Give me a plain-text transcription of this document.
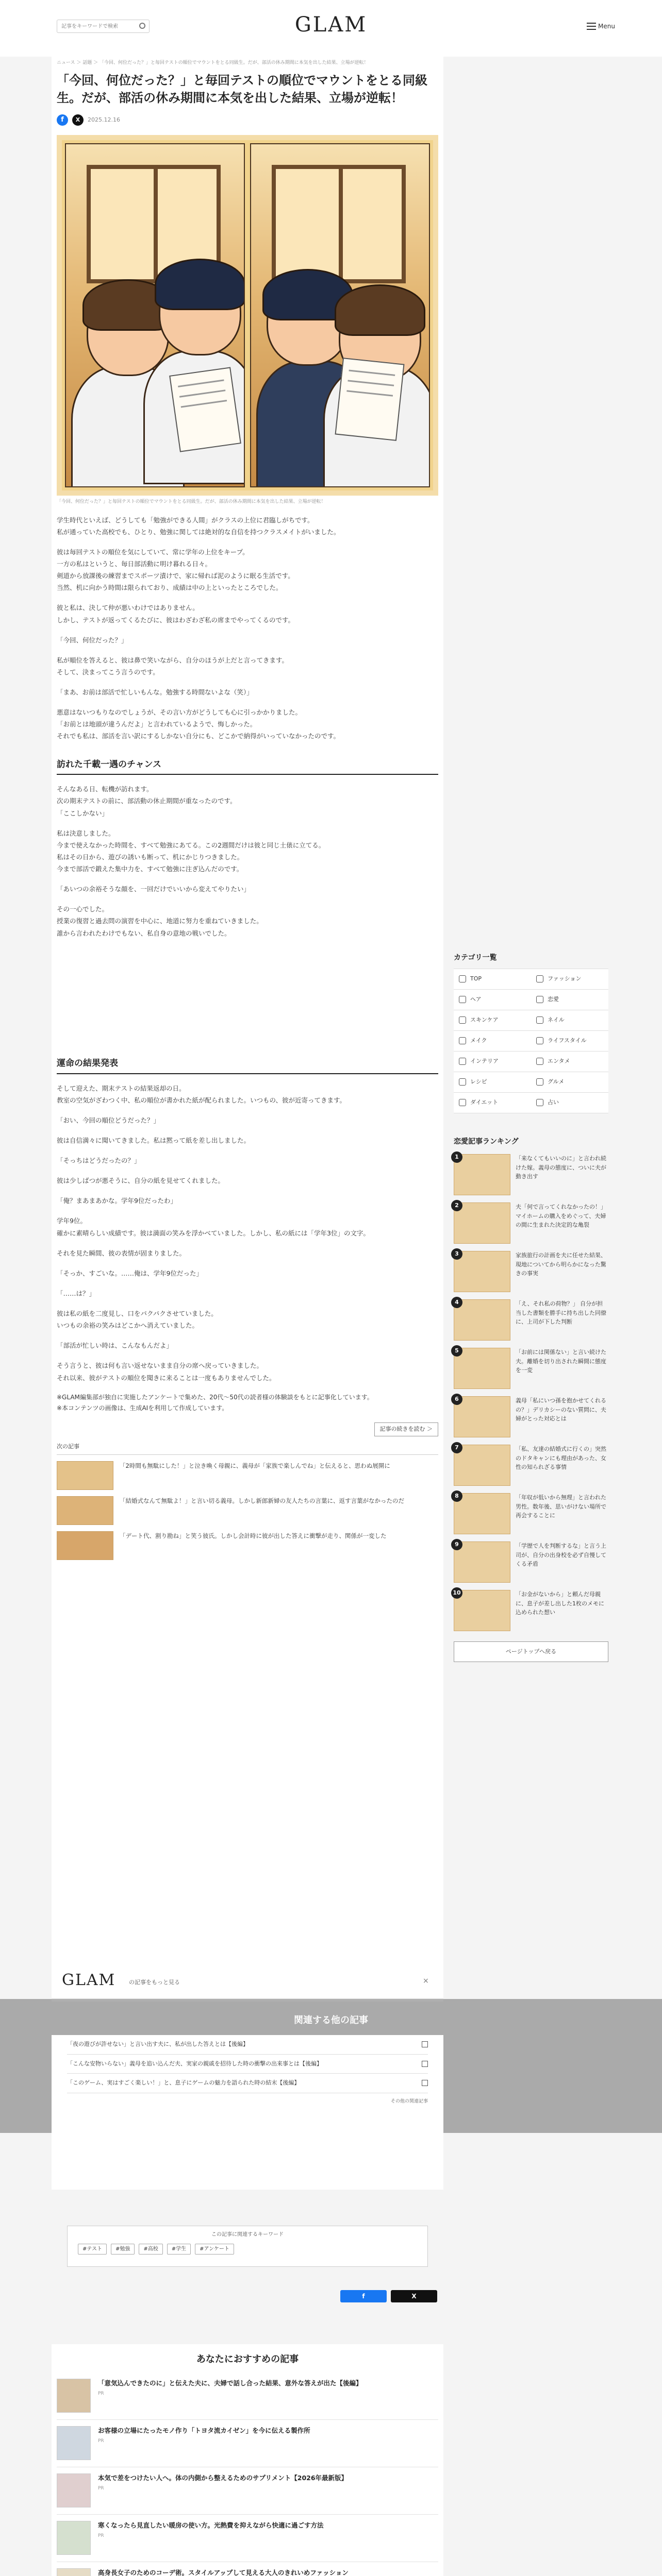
記事をキーワードで検索
GLAM	Menu
ニュース ＞ 話題 ＞ 「今回、何位だった？」と毎回テストの順位でマウントをとる同級生。だが、部活の休み期間に本気を出した結果、立場が逆転！
「今回、何位だった？」と毎回テストの順位でマウントをとる同級生。だが、部活の休み期間に本気を出した結果、立場が逆転！
f	X	2025.12.16
「今回、何位だった？」と毎回テストの順位でマウントをとる同級生。だが、部活の休み期間に本気を出した結果、立場が逆転！

学生時代といえば、どうしても「勉強ができる人間」がクラスの上位に君臨しがちです。
私が通っていた高校でも、ひとり、勉強に関しては絶対的な自信を持つクラスメイトがいました。

彼は毎回テストの順位を気にしていて、常に学年の上位をキープ。
一方の私はというと、毎日部活動に明け暮れる日々。
剣道から放課後の練習までスポーツ漬けで、家に帰れば泥のように眠る生活です。
当然、机に向かう時間は限られており、成績は中の上といったところでした。

彼と私は、決して仲が悪いわけではありません。
しかし、テストが返ってくるたびに、彼はわざわざ私の席までやってくるのです。

「今回、何位だった？」

私が順位を答えると、彼は鼻で笑いながら、自分のほうが上だと言ってきます。
そして、決まってこう言うのです。

「まあ、お前は部活で忙しいもんな。勉強する時間ないよな（笑）」

悪意はないつもりなのでしょうが、その言い方がどうしても心に引っかかりました。
「お前とは地頭が違うんだよ」と言われているようで、悔しかった。
それでも私は、部活を言い訳にするしかない自分にも、どこかで納得がいっていなかったのです。

訪れた千載一遇のチャンス

そんなある日、転機が訪れます。
次の期末テストの前に、部活動の休止期間が重なったのです。
「ここしかない」

私は決意しました。
今まで使えなかった時間を、すべて勉強にあてる。この2週間だけは彼と同じ土俵に立てる。
私はその日から、遊びの誘いも断って、机にかじりつきました。
今まで部活で鍛えた集中力を、すべて勉強に注ぎ込んだのです。

「あいつの余裕そうな顔を、一回だけでいいから変えてやりたい」

その一心でした。
授業の復習と過去問の演習を中心に、地道に努力を重ねていきました。
誰から言われたわけでもない、私自身の意地の戦いでした。

運命の結果発表

そして迎えた、期末テストの結果返却の日。
教室の空気がざわつく中、私の順位が書かれた紙が配られました。いつもの、彼が近寄ってきます。

「おい、今回の順位どうだった？」

彼は自信満々に聞いてきました。私は黙って紙を差し出しました。

「そっちはどうだったの？」

彼は少しばつが悪そうに、自分の紙を見せてくれました。

「俺？まあまあかな。学年9位だったわ」

学年9位。
確かに素晴らしい成績です。彼は満面の笑みを浮かべていました。しかし、私の紙には「学年3位」の文字。

それを見た瞬間、彼の表情が固まりました。

「そっか、すごいな。……俺は、学年9位だった」

「……は？」

彼は私の紙を二度見し、口をパクパクさせていました。
いつもの余裕の笑みはどこかへ消えていました。

「部活が忙しい時は、こんなもんだよ」

そう言うと、彼は何も言い返せないまま自分の席へ戻っていきました。
それ以来、彼がテストの順位を聞きに来ることは一度もありませんでした。

※GLAM編集部が独自に実施したアンケートで集めた、20代〜50代の読者様の体験談をもとに記事化しています。
※本コンテンツの画像は、生成AIを利用して作成しています。

記事の続きを読む ＞
次の記事
「2時間も無駄にした！」と泣き喚く母親に、義母が「家族で楽しんでね」と伝えると、思わぬ展開に
「結婚式なんて無駄よ！」と言い切る義母。しかし新郎新婦の友人たちの言葉に、返す言葉がなかったのだ
「デート代、割り勘ね」と笑う彼氏。しかし会計時に彼が出した答えに衝撃が走り、関係が一変した
カテゴリ一覧
TOP	ファッション
ヘア	恋愛
スキンケア	ネイル
メイク	ライフスタイル
インテリア	エンタメ
レシピ	グルメ
ダイエット	占い
恋愛記事ランキング
1	「来なくてもいいのに」と言われ続けた嫁。義母の態度に、ついに夫が動き出す
2	夫「何で言ってくれなかったの！」マイホームの購入をめぐって、夫婦の間に生まれた決定的な亀裂
3	家族旅行の計画を夫に任せた結果、現地についてから明らかになった驚きの事実
4	「え、それ私の荷物？」 自分が担当した書類を勝手に持ち出した同僚に、上司が下した判断
5	「お前には関係ない」と言い続けた夫。離婚を切り出された瞬間に態度を一変
6	義母「私にいつ孫を抱かせてくれるの？」デリカシーのない質問に、夫婦がとった対応とは
7	「私、友達の結婚式に行くの」突然のドタキャンにも理由があった、女性の知られざる事情
8	「年収が低いから無理」と言われた男性。数年後、思いがけない場所で再会することに
9	「学歴で人を判断するな」と言う上司が、自分の出身校を必ず自慢してくる矛盾
10	「お金がないから」と頼んだ母親に、息子が差し出した1枚のメモに込められた想い
ページトップへ戻る
GLAM の記事をもっと見る	×
関連する他の記事
「夜の遊びが許せない」と言い出す夫に、私が出した答えとは【後編】
「こんな安物いらない」義母を追い込んだ夫、実家の親戚を招待した時の衝撃の出来事とは【後編】
「このゲーム、実はすごく楽しい！」と、息子にゲームの魅力を語られた時の結末【後編】
その他の関連記事
この記事に関連するキーワード
#テスト	#勉強	#高校	#学生	#アンケート
f	X
あなたにおすすめの記事
「意気込んできたのに」と伝えた夫に、夫婦で話し合った結果、意外な答えが出た【後編】
PR
お客様の立場にたったモノ作り「トヨタ流カイゼン」を今に伝える製作所
PR
本気で差をつけたい人へ。体の内側から整えるためのサプリメント【2026年最新版】
PR
寒くなったら見直したい暖房の使い方。光熱費を抑えながら快適に過ごす方法
PR
高身長女子のためのコーデ術。スタイルアップして見える大人のきれいめファッション
